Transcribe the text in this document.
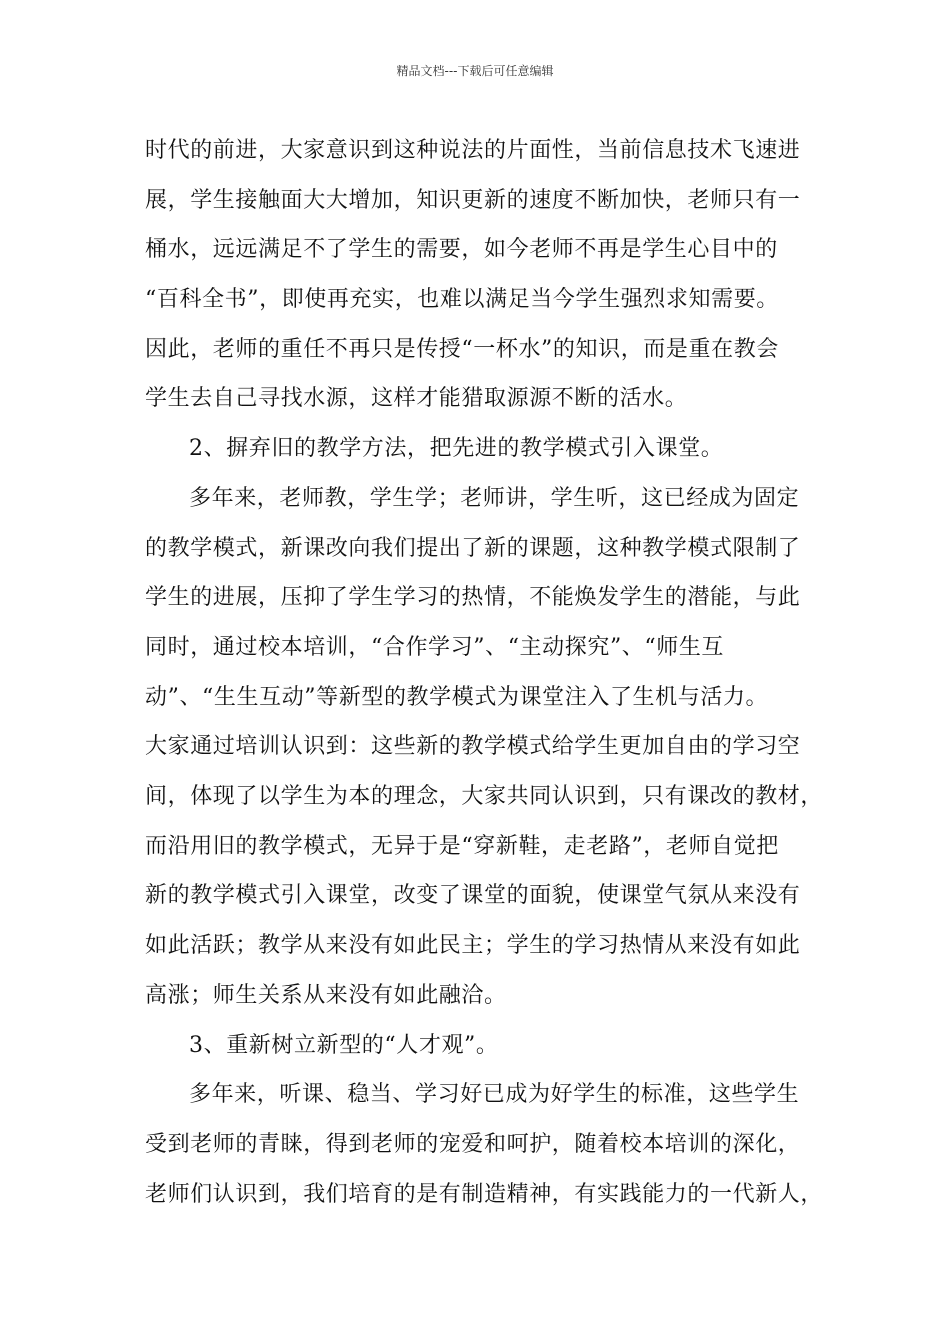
精品文档---下载后可任意编辑
时代的前进，大家意识到这种说法的片面性，当前信息技术飞速进
展，学生接触面大大增加，知识更新的速度不断加快，老师只有一
桶水，远远满足不了学生的需要，如今老师不再是学生心目中的
“百科全书”，即使再充实，也难以满足当今学生强烈求知需要。
因此，老师的重任不再只是传授“一杯水”的知识，而是重在教会
学生去自己寻找水源，这样才能猎取源源不断的活水。
2、摒弃旧的教学方法，把先进的教学模式引入课堂。
多年来，老师教，学生学；老师讲，学生听，这已经成为固定
的教学模式，新课改向我们提出了新的课题，这种教学模式限制了
学生的进展，压抑了学生学习的热情，不能焕发学生的潜能，与此
同时，通过校本培训，“合作学习”、“主动探究”、“师生互
动”、“生生互动”等新型的教学模式为课堂注入了生机与活力。
大家通过培训认识到：这些新的教学模式给学生更加自由的学习空
间，体现了以学生为本的理念，大家共同认识到，只有课改的教材，
而沿用旧的教学模式，无异于是“穿新鞋，走老路”，老师自觉把
新的教学模式引入课堂，改变了课堂的面貌，使课堂气氛从来没有
如此活跃；教学从来没有如此民主；学生的学习热情从来没有如此
高涨；师生关系从来没有如此融洽。
3、重新树立新型的“人才观”。
多年来，听课、稳当、学习好已成为好学生的标准，这些学生
受到老师的青睐，得到老师的宠爱和呵护，随着校本培训的深化，
老师们认识到，我们培育的是有制造精神，有实践能力的一代新人，
